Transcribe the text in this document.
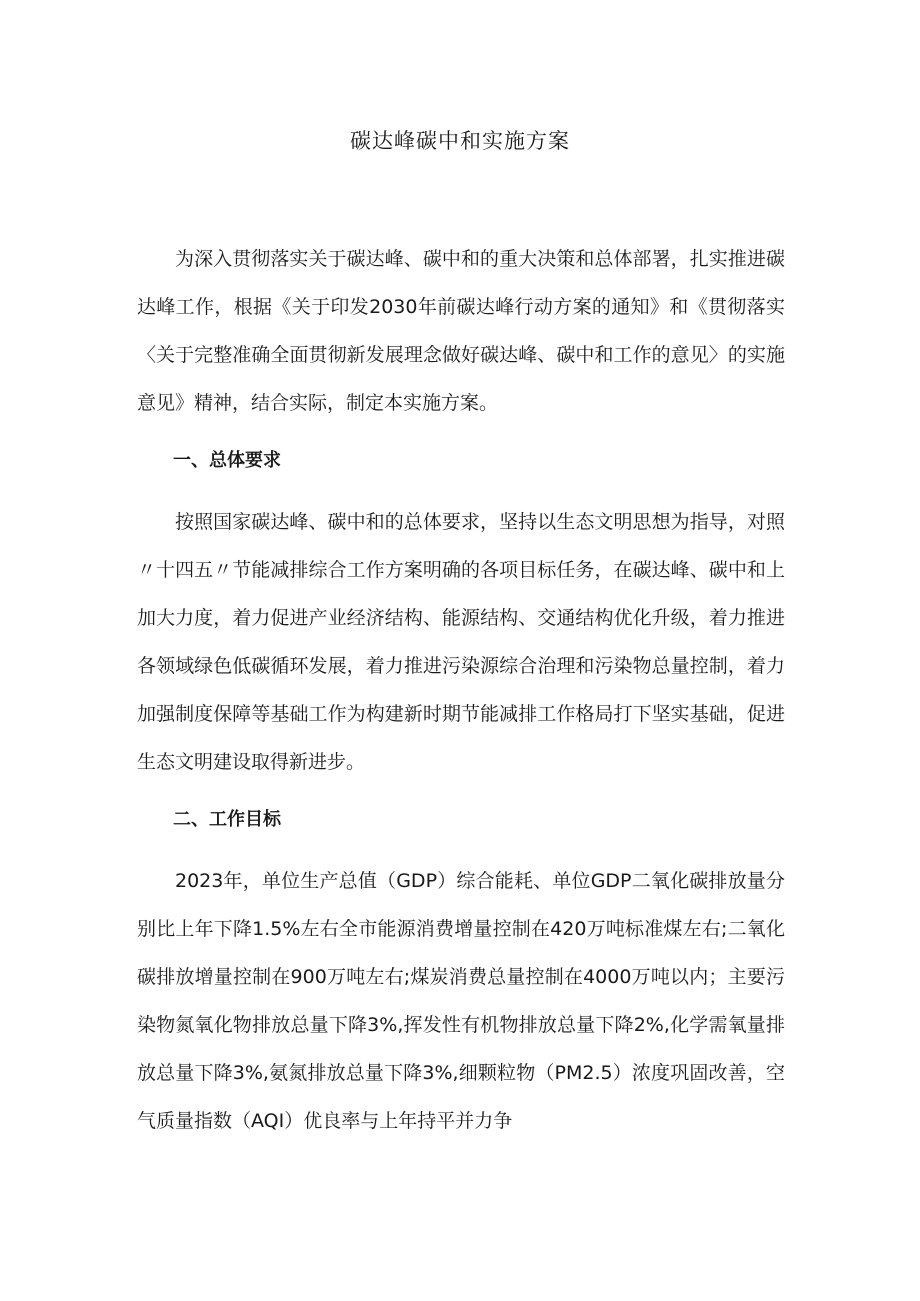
碳达峰碳中和实施方案

为深入贯彻落实关于碳达峰、碳中和的重大决策和总体部署，扎实推进碳达峰工作，根据《关于印发2030年前碳达峰行动方案的通知》和《贯彻落实〈关于完整准确全面贯彻新发展理念做好碳达峰、碳中和工作的意见〉的实施意见》精神，结合实际，制定本实施方案。

一、总体要求

按照国家碳达峰、碳中和的总体要求，坚持以生态文明思想为指导，对照〃十四五〃节能减排综合工作方案明确的各项目标任务，在碳达峰、碳中和上加大力度，着力促进产业经济结构、能源结构、交通结构优化升级，着力推进各领域绿色低碳循环发展，着力推进污染源综合治理和污染物总量控制，着力加强制度保障等基础工作为构建新时期节能减排工作格局打下坚实基础，促进生态文明建设取得新进步。

二、工作目标

2023年，单位生产总值（GDP）综合能耗、单位GDP二氧化碳排放量分别比上年下降1.5%左右全市能源消费增量控制在420万吨标准煤左右;二氧化碳排放增量控制在900万吨左右;煤炭消费总量控制在4000万吨以内；主要污染物氮氧化物排放总量下降3%,挥发性有机物排放总量下降2%,化学需氧量排放总量下降3%,氨氮排放总量下降3%,细颗粒物（PM2.5）浓度巩固改善，空气质量指数（AQI）优良率与上年持平并力争
